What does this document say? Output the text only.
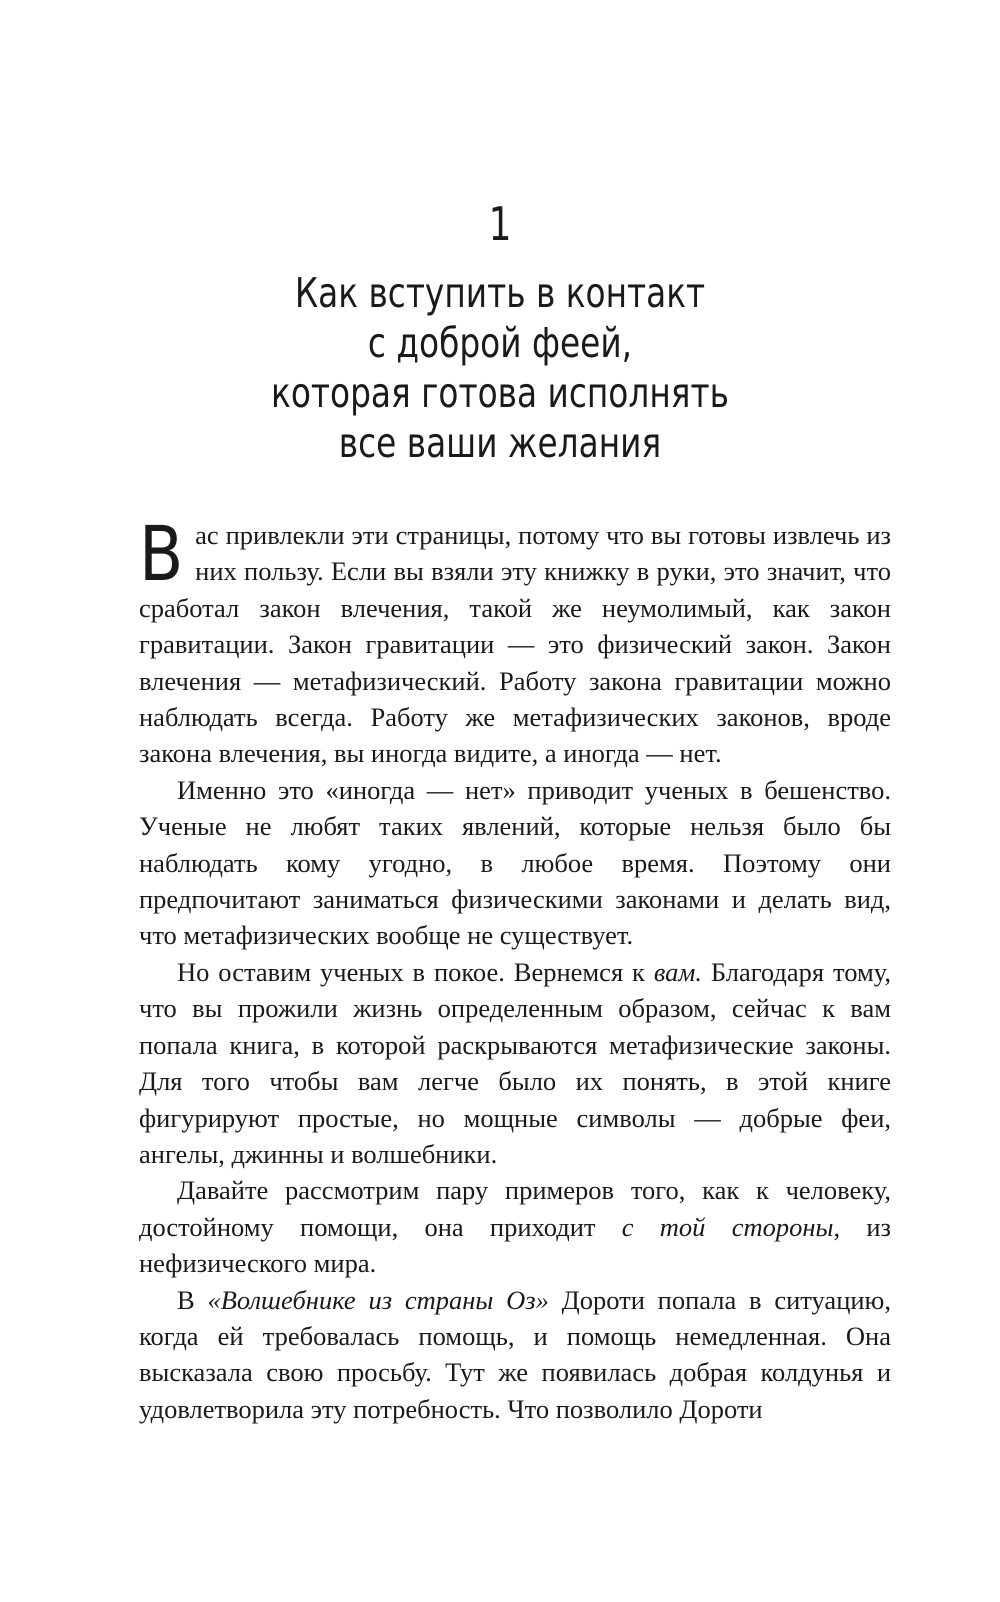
1
Как вступить в контакт
с доброй феей,
которая готова исполнять
все ваши желания

Вас привлекли эти страницы, потому что вы готовы извлечь из них пользу. Если вы взяли эту книжку в руки, это значит, что сработал закон влечения, такой же неумолимый, как закон гравитации. Закон гравитации — это физический закон. Закон влечения — метафизический. Работу закона гравитации можно наблюдать всегда. Работу же метафизических законов, вроде закона влечения, вы иногда видите, а иногда — нет.

Именно это «иногда — нет» приводит ученых в бешенство. Ученые не любят таких явлений, которые нельзя было бы наблюдать кому угодно, в любое время. Поэтому они предпочитают заниматься физическими законами и делать вид, что метафизических вообще не существует.

Но оставим ученых в покое. Вернемся к вам. Благодаря тому, что вы прожили жизнь определенным образом, сейчас к вам попала книга, в которой раскрываются метафизические законы. Для того чтобы вам легче было их понять, в этой книге фигурируют простые, но мощные символы — добрые феи, ангелы, джинны и волшебники.

Давайте рассмотрим пару примеров того, как к человеку, достойному помощи, она приходит с той стороны, из нефизического мира.

В «Волшебнике из страны Оз» Дороти попала в ситуацию, когда ей требовалась помощь, и помощь немедленная. Она высказала свою просьбу. Тут же появилась добрая колдунья и удовлетворила эту потребность. Что позволило Дороти
